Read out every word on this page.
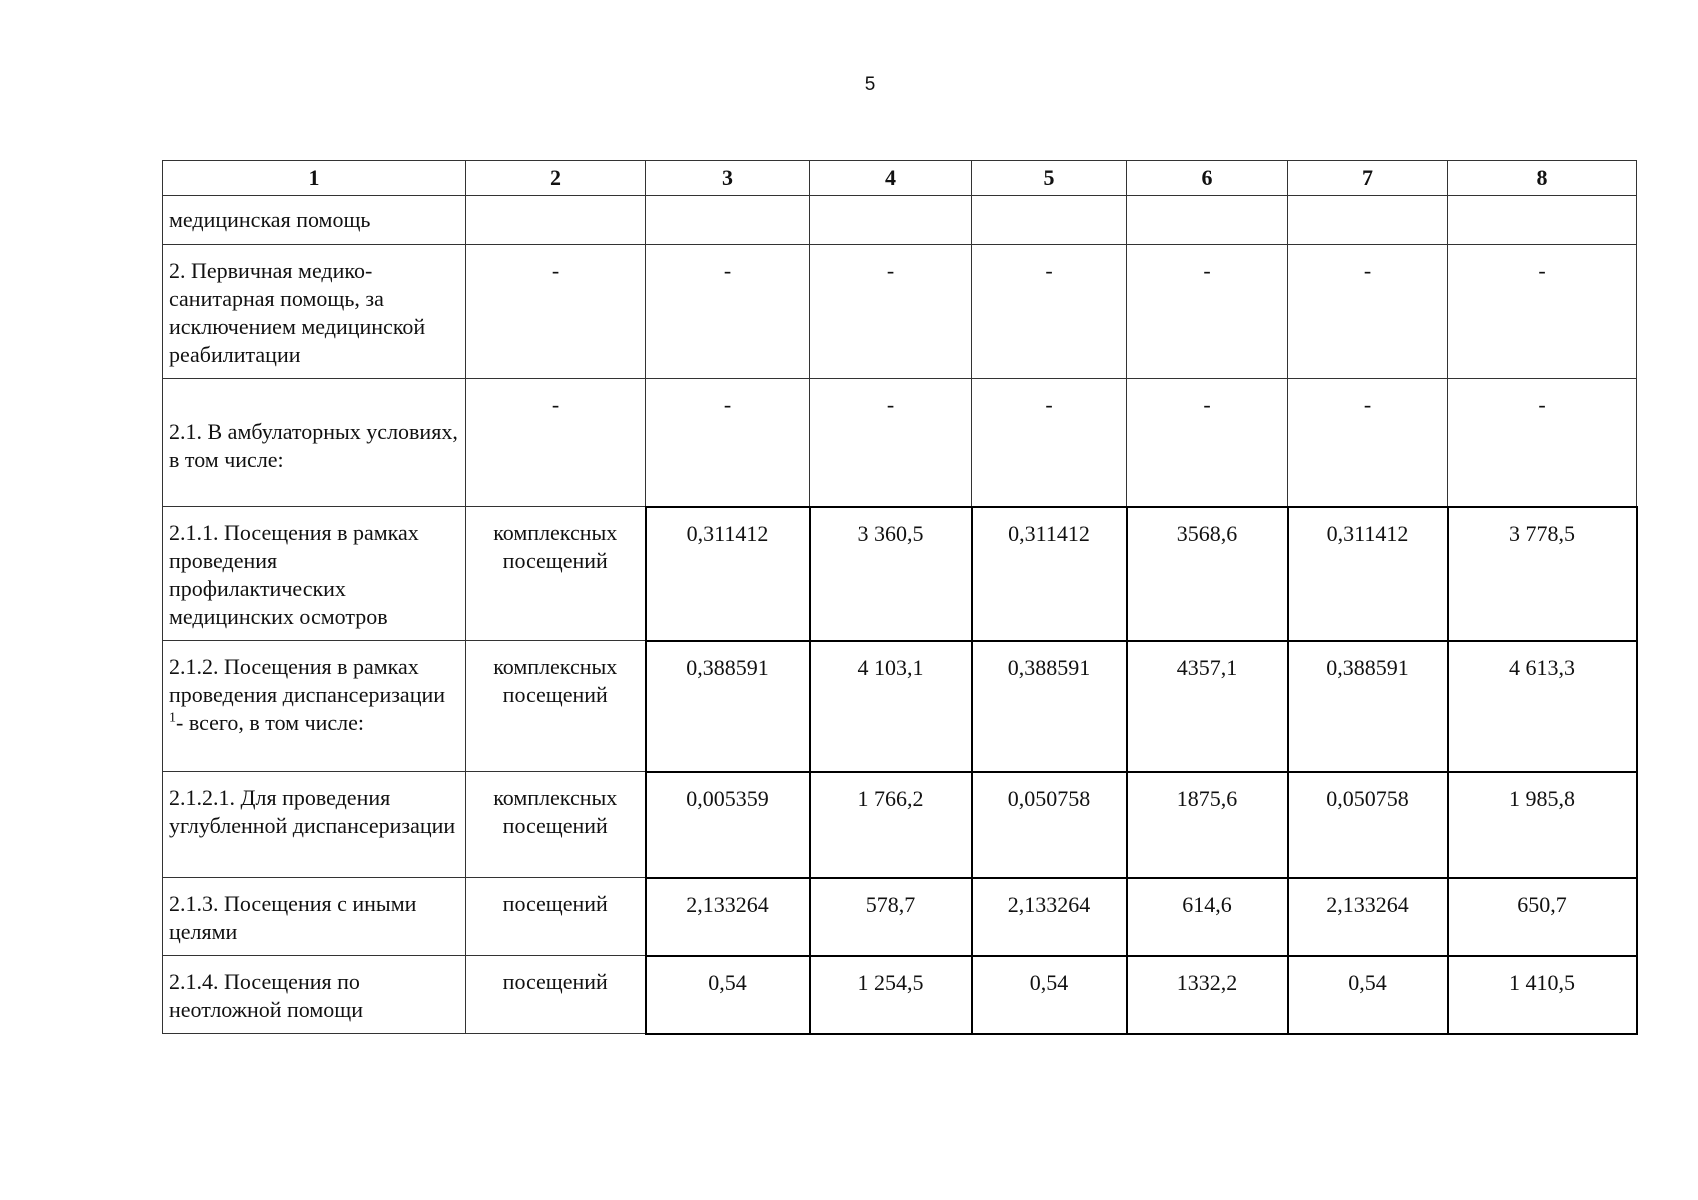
5
1	2	3	4	5	6	7	8
медицинская помощь							
2. Первичная медико-санитарная помощь, за исключением медицинской реабилитации	-	-	-	-	-	-	-
2.1. В амбулаторных условиях, в том числе:	-	-	-	-	-	-	-
2.1.1. Посещения в рамках проведения профилактических медицинских осмотров	комплексных посещений	0,311412	3 360,5	0,311412	3568,6	0,311412	3 778,5
2.1.2. Посещения в рамках проведения диспансеризации $^1$- всего, в том числе:	комплексных посещений	0,388591	4 103,1	0,388591	4357,1	0,388591	4 613,3
2.1.2.1. Для проведения углубленной диспансеризации	комплексных посещений	0,005359	1 766,2	0,050758	1875,6	0,050758	1 985,8
2.1.3. Посещения с иными целями	посещений	2,133264	578,7	2,133264	614,6	2,133264	650,7
2.1.4. Посещения по неотложной помощи	посещений	0,54	1 254,5	0,54	1332,2	0,54	1 410,5
